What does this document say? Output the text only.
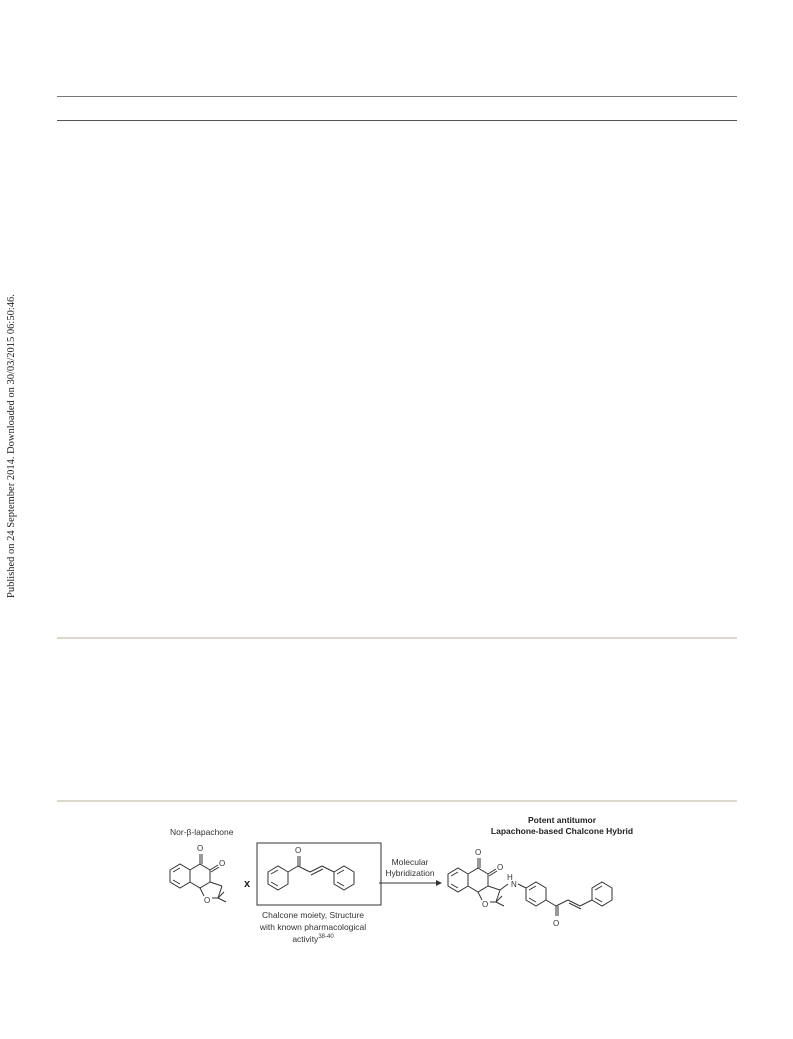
Published on 24 September 2014. Downloaded on 30/03/2015 06:50:46.
Nor-β-lapachone
x
Potent antitumor
Lapachone-based Chalcone Hybrid
Molecular
Hybridization
Chalcone moiety, Structure
with known pharmacological
activity$^{38-40}$
O
O
O
O	O
O
O
H
N
O
